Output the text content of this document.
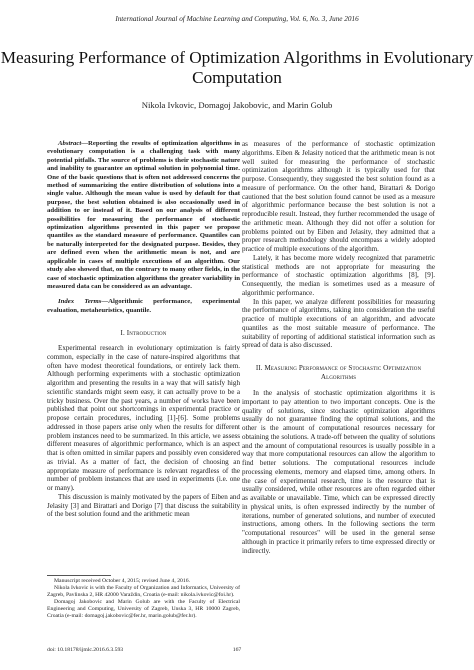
International Journal of Machine Learning and Computing, Vol. 6, No. 3, June 2016
Measuring Performance of Optimization Algorithms in Evolutionary Computation
Nikola Ivkovic, Domagoj Jakobovic, and Marin Golub

Abstract—Reporting the results of optimization algorithms in evolutionary computation is a challenging task with many potential pitfalls. The source of problems is their stochastic nature and inability to guarantee an optimal solution in polynomial time. One of the basic questions that is often not addressed concerns the method of summarizing the entire distribution of solutions into a single value. Although the mean value is used by default for that purpose, the best solution obtained is also occasionally used in addition to or instead of it. Based on our analysis of different possibilities for measuring the performance of stochastic optimization algorithms presented in this paper we propose quantiles as the standard measure of performance. Quantiles can be naturally interpreted for the designated purpose. Besides, they are defined even when the arithmetic mean is not, and are applicable in cases of multiple executions of an algorithm. Our study also showed that, on the contrary to many other fields, in the case of stochastic optimization algorithms the greater variability in measured data can be considered as an advantage.

Index Terms—Algorithmic performance, experimental evaluation, metaheuristics, quantile.

I. Introduction

Experimental research in evolutionary optimization is fairly common, especially in the case of nature-inspired algorithms that often have modest theoretical foundations, or entirely lack them. Although performing experiments with a stochastic optimization algorithm and presenting the results in a way that will satisfy high scientific standards might seem easy, it can actually prove to be a tricky business. Over the past years, a number of works have been published that point out shortcomings in experimental practice or propose certain procedures, including [1]-[6]. Some problems addressed in those papers arise only when the results for different problem instances need to be summarized. In this article, we assess different measures of algorithmic performance, which is an aspect that is often omitted in similar papers and possibly even considered as trivial. As a matter of fact, the decision of choosing an appropriate measure of performance is relevant regardless of the number of problem instances that are used in experiments (i.e. one or many).

This discussion is mainly motivated by the papers of Eiben and Jelasity [3] and Birattari and Dorigo [7] that discuss the suitability of the best solution found and the arithmetic mean

as measures of the performance of stochastic optimization algorithms. Eiben & Jelasity noticed that the arithmetic mean is not well suited for measuring the performance of stochastic optimization algorithms although it is typically used for that purpose. Consequently, they suggested the best solution found as a measure of performance. On the other hand, Birattari & Dorigo cautioned that the best solution found cannot be used as a measure of algorithmic performance because the best solution is not a reproducible result. Instead, they further recommended the usage of the arithmetic mean. Although they did not offer a solution for problems pointed out by Eiben and Jelasity, they admitted that a proper research methodology should encompass a widely adopted practice of multiple executions of the algorithm.

Lately, it has become more widely recognized that parametric statistical methods are not appropriate for measuring the performance of stochastic optimization algorithms [8], [9]. Consequently, the median is sometimes used as a measure of algorithmic performance.

In this paper, we analyze different possibilities for measuring the performance of algorithms, taking into consideration the useful practice of multiple executions of an algorithm, and advocate quantiles as the most suitable measure of performance. The suitability of reporting of additional statistical information such as spread of data is also discussed.

II. Measuring Performance of Stochastic Optimization Algorithms

In the analysis of stochastic optimization algorithms it is important to pay attention to two important concepts. One is the quality of solutions, since stochastic optimization algorithms usually do not guarantee finding the optimal solutions, and the other is the amount of computational resources necessary for obtaining the solutions. A trade-off between the quality of solutions and the amount of computational resources is usually possible in a way that more computational resources can allow the algorithm to find better solutions. The computational resources include processing elements, memory and elapsed time, among others. In the case of experimental research, time is the resource that is usually considered, while other resources are often regarded either as available or unavailable. Time, which can be expressed directly in physical units, is often expressed indirectly by the number of iterations, number of generated solutions, and number of executed instructions, among others. In the following sections the term "computational resources" will be used in the general sense although in practice it primarily refers to time expressed directly or indirectly.

Manuscript received October 4, 2015; revised June 4, 2016.

Nikola Ivkovic is with the Faculty of Organization and Informatics, University of Zagreb, Pavlinska 2, HR 42000 Varaždin, Croatia (e-mail: nikola.ivkovic@foi.hr).

Domagoj Jakobovic and Marin Golub are with the Faculty of Electrical Engineering and Computing, University of Zagreb, Unska 3, HR 10000 Zagreb, Croatia (e-mail: domagoj.jakobovic@fer.hr, marin.golub@fer.hr).

doi: 10.18178/ijmlc.2016.6.3.593	167
